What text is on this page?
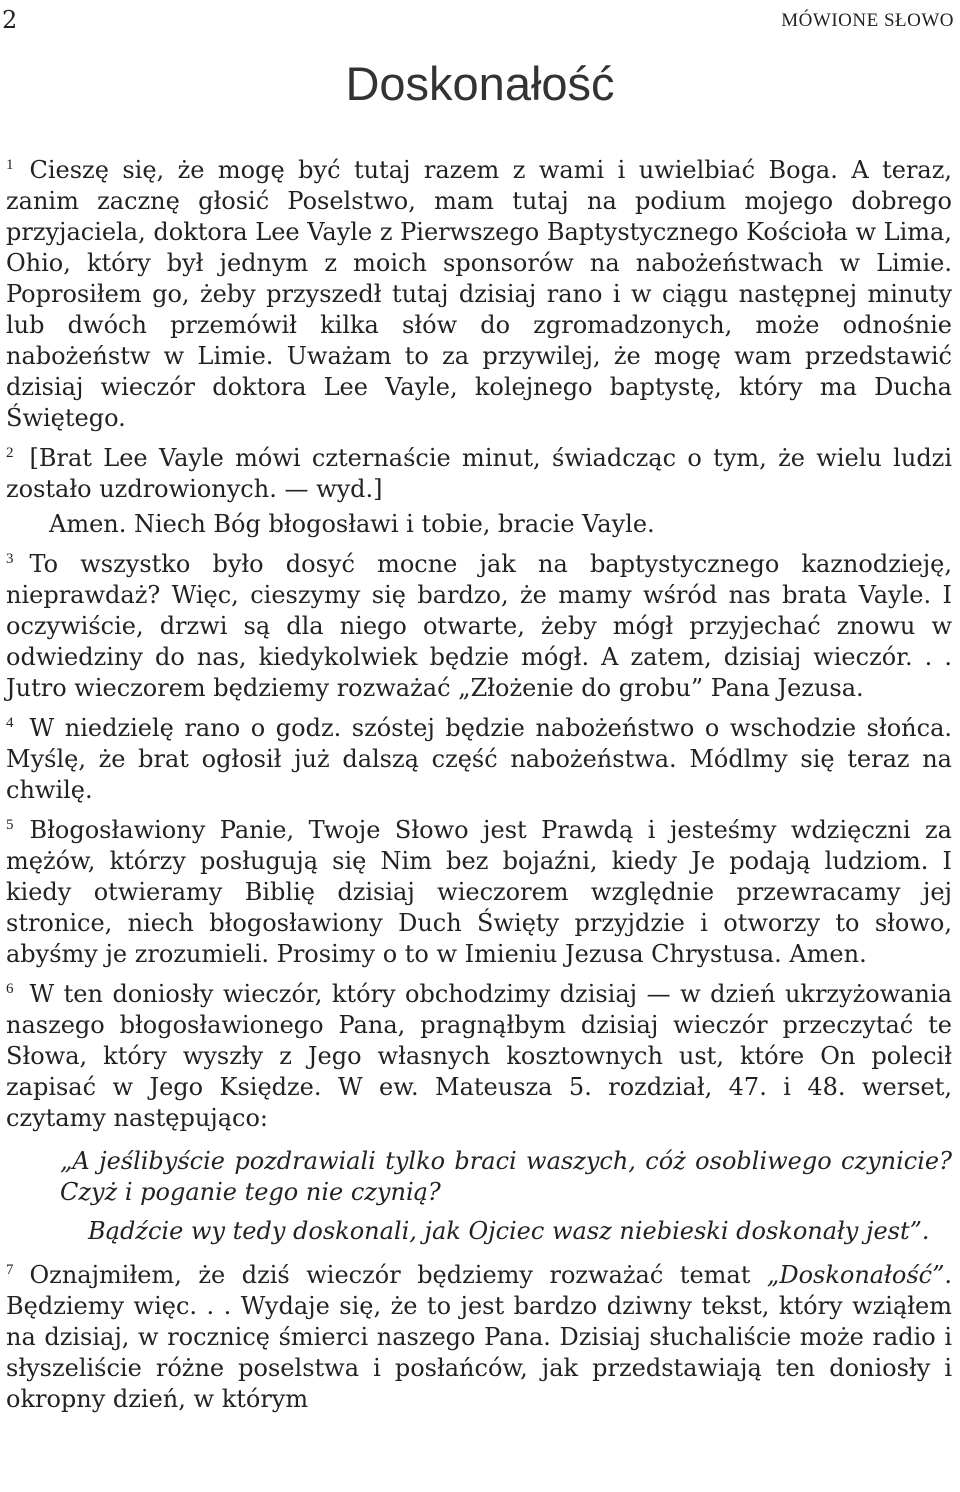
2	MÓWIONE SŁOWO
Doskonałość

$^1$ Cieszę się, że mogę być tutaj razem z wami i uwielbiać Boga. A teraz, zanim zacznę głosić Poselstwo, mam tutaj na podium mojego dobrego przyjaciela, doktora Lee Vayle z Pierwszego Baptystycznego Kościoła w Lima, Ohio, który był jednym z moich sponsorów na nabożeństwach w Limie. Poprosiłem go, żeby przyszedł tutaj dzisiaj rano i w ciągu następnej minuty lub dwóch przemówił kilka słów do zgromadzonych, może odnośnie nabożeństw w Limie. Uważam to za przywilej, że mogę wam przedstawić dzisiaj wieczór doktora Lee Vayle, kolejnego baptystę, który ma Ducha Świętego.

$^2$ [Brat Lee Vayle mówi czternaście minut, świadcząc o tym, że wielu ludzi zostało uzdrowionych. — wyd.]

Amen. Niech Bóg błogosławi i tobie, bracie Vayle.

$^3$ To wszystko było dosyć mocne jak na baptystycznego kaznodzieję, nieprawdaż? Więc, cieszymy się bardzo, że mamy wśród nas brata Vayle. I oczywiście, drzwi są dla niego otwarte, żeby mógł przyjechać znowu w odwiedziny do nas, kiedykolwiek będzie mógł. A zatem, dzisiaj wieczór. . . Jutro wieczorem będziemy rozważać „Złożenie do grobu” Pana Jezusa.

$^4$ W niedzielę rano o godz. szóstej będzie nabożeństwo o wschodzie słońca. Myślę, że brat ogłosił już dalszą część nabożeństwa. Módlmy się teraz na chwilę.

$^5$ Błogosławiony Panie, Twoje Słowo jest Prawdą i jesteśmy wdzięczni za mężów, którzy posługują się Nim bez bojaźni, kiedy Je podają ludziom. I kiedy otwieramy Biblię dzisiaj wieczorem względnie przewracamy jej stronice, niech błogosławiony Duch Święty przyjdzie i otworzy to słowo, abyśmy je zrozumieli. Prosimy o to w Imieniu Jezusa Chrystusa. Amen.

$^6$ W ten doniosły wieczór, który obchodzimy dzisiaj — w dzień ukrzyżowania naszego błogosławionego Pana, pragnąłbym dzisiaj wieczór przeczytać te Słowa, który wyszły z Jego własnych kosztownych ust, które On polecił zapisać w Jego Księdze. W ew. Mateusza 5. rozdział, 47. i 48. werset, czytamy następująco:

„A jeślibyście pozdrawiali tylko braci waszych, cóż osobliwego czynicie? Czyż i poganie tego nie czynią?

Bądźcie wy tedy doskonali, jak Ojciec wasz niebieski doskonały jest”.

$^7$ Oznajmiłem, że dziś wieczór będziemy rozważać temat „Doskonałość”. Będziemy więc. . . Wydaje się, że to jest bardzo dziwny tekst, który wziąłem na dzisiaj, w rocznicę śmierci naszego Pana. Dzisiaj słuchaliście może radio i słyszeliście różne poselstwa i posłańców, jak przedstawiają ten doniosły i okropny dzień, w którym
